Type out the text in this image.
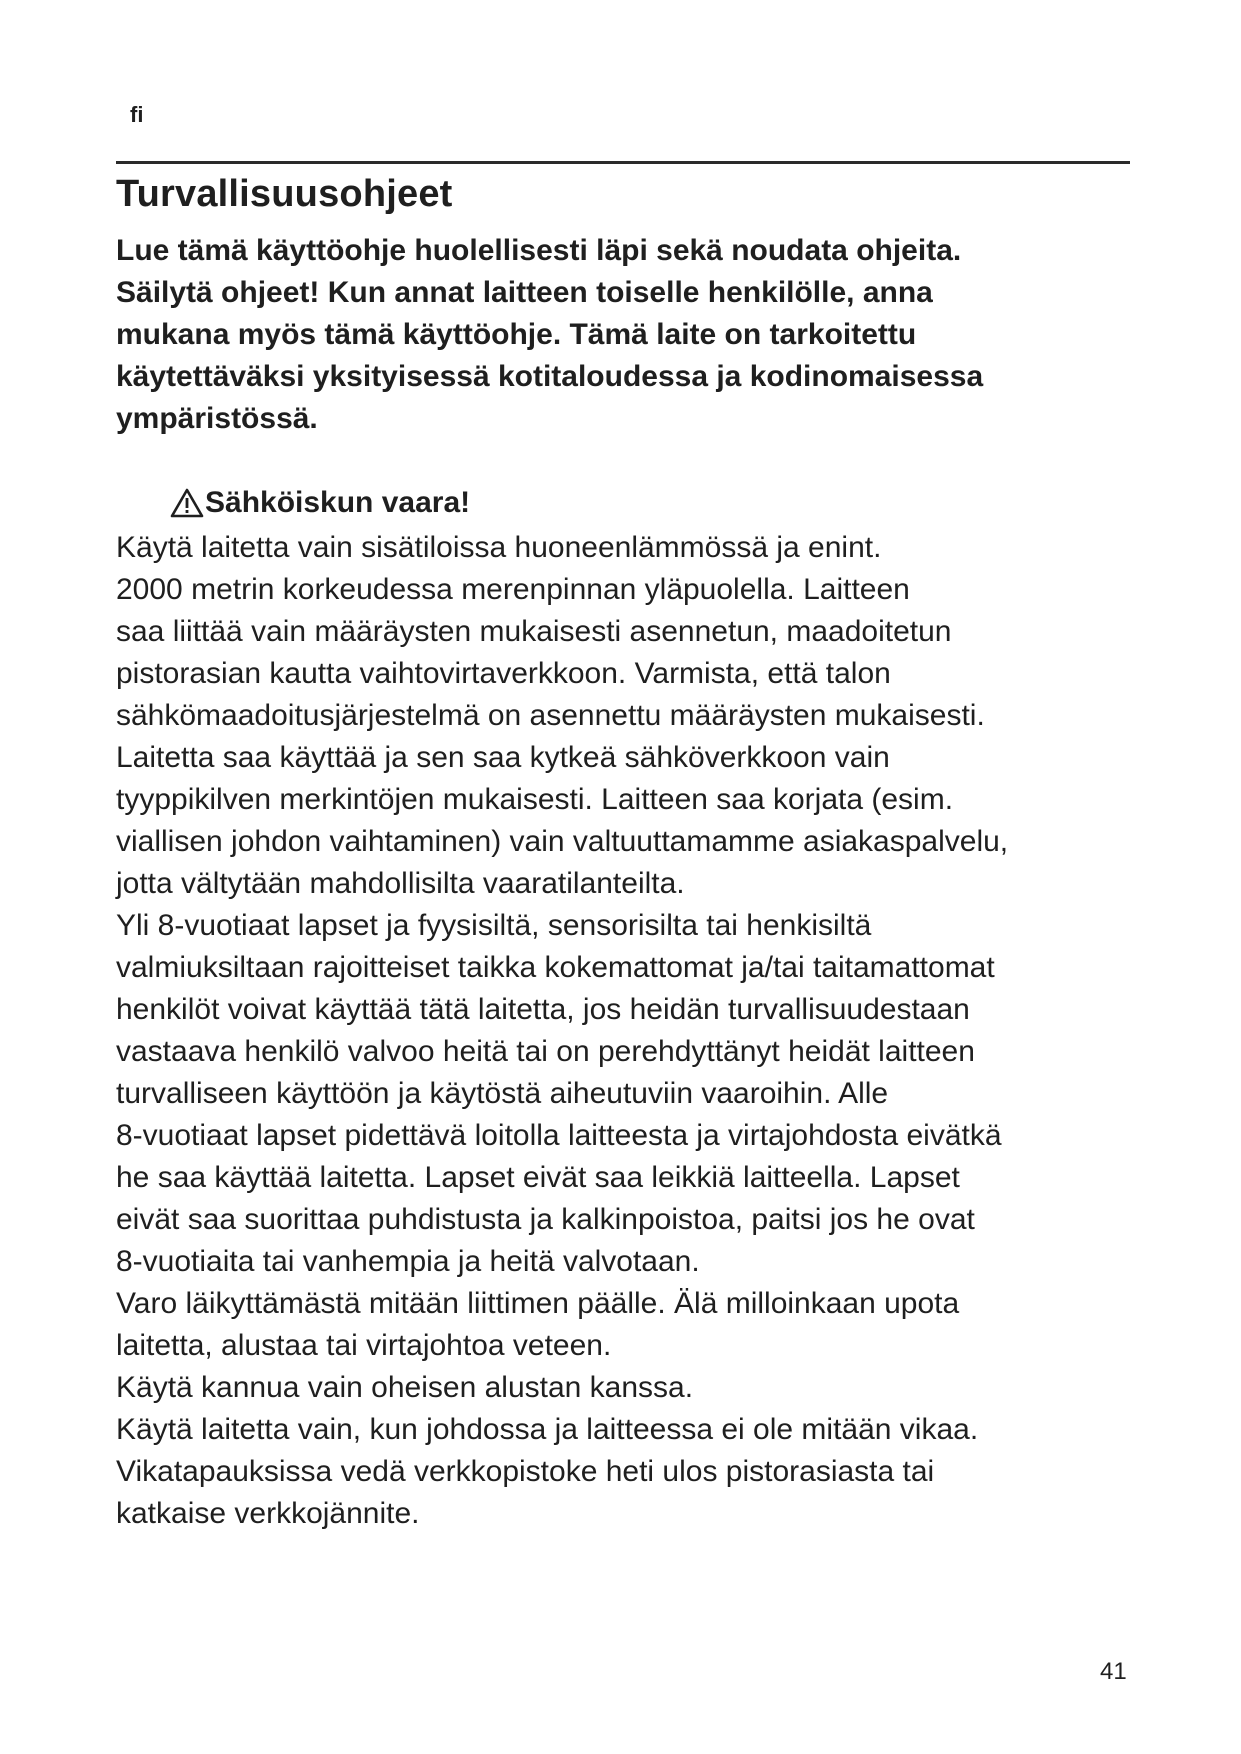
fi
Turvallisuusohjeet

Lue tämä käyttöohje huolellisesti läpi sekä noudata ohjeita.
Säilytä ohjeet! Kun annat laitteen toiselle henkilölle, anna
mukana myös tämä käyttöohje. Tämä laite on tarkoitettu
käytettäväksi yksityisessä kotitaloudessa ja kodinomaisessa
ympäristössä.

Sähköiskun vaara!

Käytä laitetta vain sisätiloissa huoneenlämmössä ja enint.
2000 metrin korkeudessa merenpinnan yläpuolella. Laitteen
saa liittää vain määräysten mukaisesti asennetun, maadoitetun
pistorasian kautta vaihtovirtaverkkoon. Varmista, että talon
sähkömaadoitusjärjestelmä on asennettu määräysten mukaisesti.
Laitetta saa käyttää ja sen saa kytkeä sähköverkkoon vain
tyyppikilven merkintöjen mukaisesti. Laitteen saa korjata (esim.
viallisen johdon vaihtaminen) vain valtuuttamamme asiakaspalvelu,
jotta vältytään mahdollisilta vaaratilanteilta.
Yli 8-vuotiaat lapset ja fyysisiltä, sensorisilta tai henkisiltä
valmiuksiltaan rajoitteiset taikka kokemattomat ja/tai taitamattomat
henkilöt voivat käyttää tätä laitetta, jos heidän turvallisuudestaan
vastaava henkilö valvoo heitä tai on perehdyttänyt heidät laitteen
turvalliseen käyttöön ja käytöstä aiheutuviin vaaroihin. Alle
8-vuotiaat lapset pidettävä loitolla laitteesta ja virtajohdosta eivätkä
he saa käyttää laitetta. Lapset eivät saa leikkiä laitteella. Lapset
eivät saa suorittaa puhdistusta ja kalkinpoistoa, paitsi jos he ovat
8-vuotiaita tai vanhempia ja heitä valvotaan.
Varo läikyttämästä mitään liittimen päälle. Älä milloinkaan upota
laitetta, alustaa tai virtajohtoa veteen.
Käytä kannua vain oheisen alustan kanssa.
Käytä laitetta vain, kun johdossa ja laitteessa ei ole mitään vikaa.
Vikatapauksissa vedä verkkopistoke heti ulos pistorasiasta tai
katkaise verkkojännite.

41
